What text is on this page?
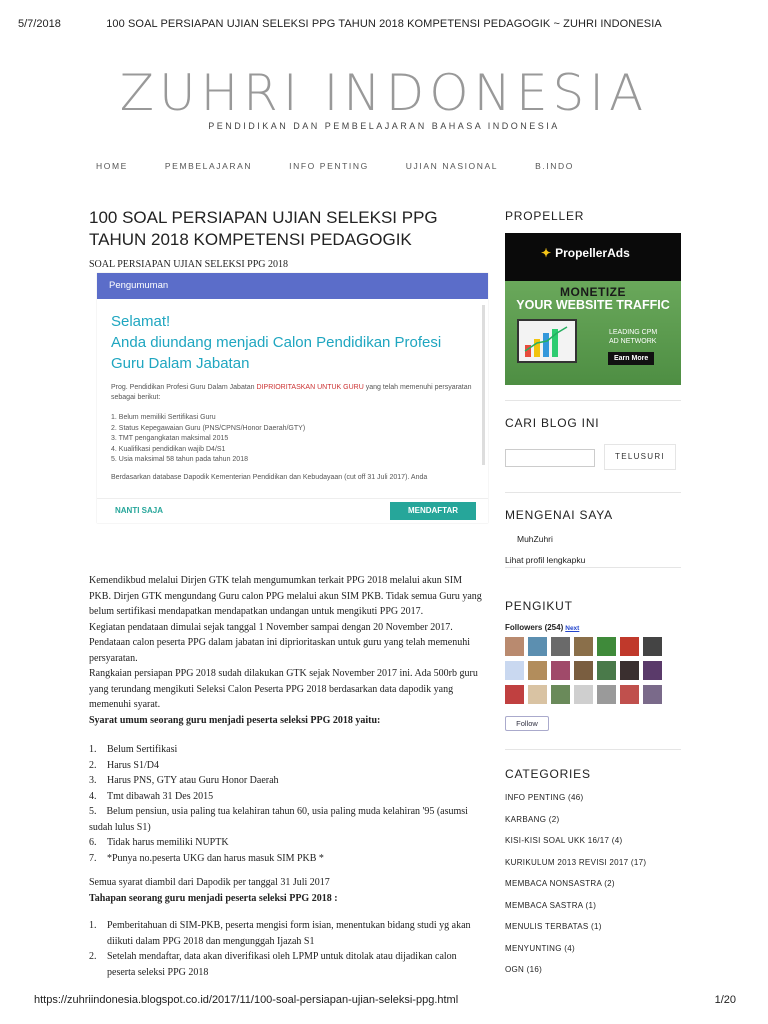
5/7/2018	100 SOAL PERSIAPAN UJIAN SELEKSI PPG TAHUN 2018 KOMPETENSI PEDAGOGIK ~ ZUHRI INDONESIA
ZUHRI INDONESIA
PENDIDIKAN DAN PEMBELAJARAN BAHASA INDONESIA
HOME	PEMBELAJARAN	INFO PENTING	UJIAN NASIONAL	B.INDO
100 SOAL PERSIAPAN UJIAN SELEKSI PPG TAHUN 2018 KOMPETENSI PEDAGOGIK
SOAL PERSIAPAN UJIAN SELEKSI PPG 2018
Pengumuman
Selamat!
Anda diundang menjadi Calon Pendidikan Profesi Guru Dalam Jabatan
Prog. Pendidikan Profesi Guru Dalam Jabatan DIPRIORITASKAN UNTUK GURU yang telah memenuhi persyaratan sebagai berikut:
1. Belum memiliki Sertifikasi Guru
2. Status Kepegawaian Guru (PNS/CPNS/Honor Daerah/GTY)
3. TMT pengangkatan maksimal 2015
4. Kualifikasi pendidikan wajib D4/S1
5. Usia maksimal 58 tahun pada tahun 2018
Berdasarkan database Dapodik Kementerian Pendidikan dan Kebudayaan (cut off 31 Juli 2017). Anda
NANTI SAJA	MENDAFTAR

Kemendikbud melalui Dirjen GTK telah mengumumkan terkait PPG 2018 melalui akun SIM PKB. Dirjen GTK mengundang Guru calon PPG melalui akun SIM PKB. Tidak semua Guru yang belum sertifikasi mendapatkan mendapatkan undangan untuk mengikuti PPG 2017.

Kegiatan pendataan dimulai sejak tanggal 1 November sampai dengan 20 November 2017. Pendataan calon peserta PPG dalam jabatan ini diprioritaskan untuk guru yang telah memenuhi persyaratan.

Rangkaian persiapan PPG 2018 sudah dilakukan GTK sejak November 2017 ini. Ada 500rb guru yang terundang mengikuti Seleksi Calon Peserta PPG 2018 berdasarkan data dapodik yang memenuhi syarat.

Syarat umum seorang guru menjadi peserta seleksi PPG 2018 yaitu:

1. Belum Sertifikasi
2. Harus S1/D4
3. Harus PNS, GTY atau Guru Honor Daerah
4. Tmt dibawah 31 Des 2015
5. Belum pensiun, usia paling tua kelahiran tahun 60, usia paling muda kelahiran '95 (asumsi sudah lulus S1)
6. Tidak harus memiliki NUPTK
7. *Punya no.peserta UKG dan harus masuk SIM PKB *

Semua syarat diambil dari Dapodik per tanggal 31 Juli 2017

Tahapan seorang guru menjadi peserta seleksi PPG 2018 :

1. Pemberitahuan di SIM-PKB, peserta mengisi form isian, menentukan bidang studi yg akan diikuti dalam PPG 2018 dan mengunggah Ijazah S1
2. Setelah mendaftar, data akan diverifikasi oleh LPMP untuk ditolak atau dijadikan calon peserta seleksi PPG 2018
PROPELLER
✦ PropellerAds
MONETIZE
YOUR WEBSITE TRAFFIC
LEADING CPM
AD NETWORK
Earn More
CARI BLOG INI
TELUSURI
MENGENAI SAYA
MuhZuhri
Lihat profil lengkapku
PENGIKUT
Followers (254) Next
Follow
CATEGORIES
INFO PENTING (46)
KARBANG (2)
KISI-KISI SOAL UKK 16/17 (4)
KURIKULUM 2013 REVISI 2017 (17)
MEMBACA NONSASTRA (2)
MEMBACA SASTRA (1)
MENULIS TERBATAS (1)
MENYUNTING (4)
OGN (16)
https://zuhriindonesia.blogspot.co.id/2017/11/100-soal-persiapan-ujian-seleksi-ppg.html	1/20
